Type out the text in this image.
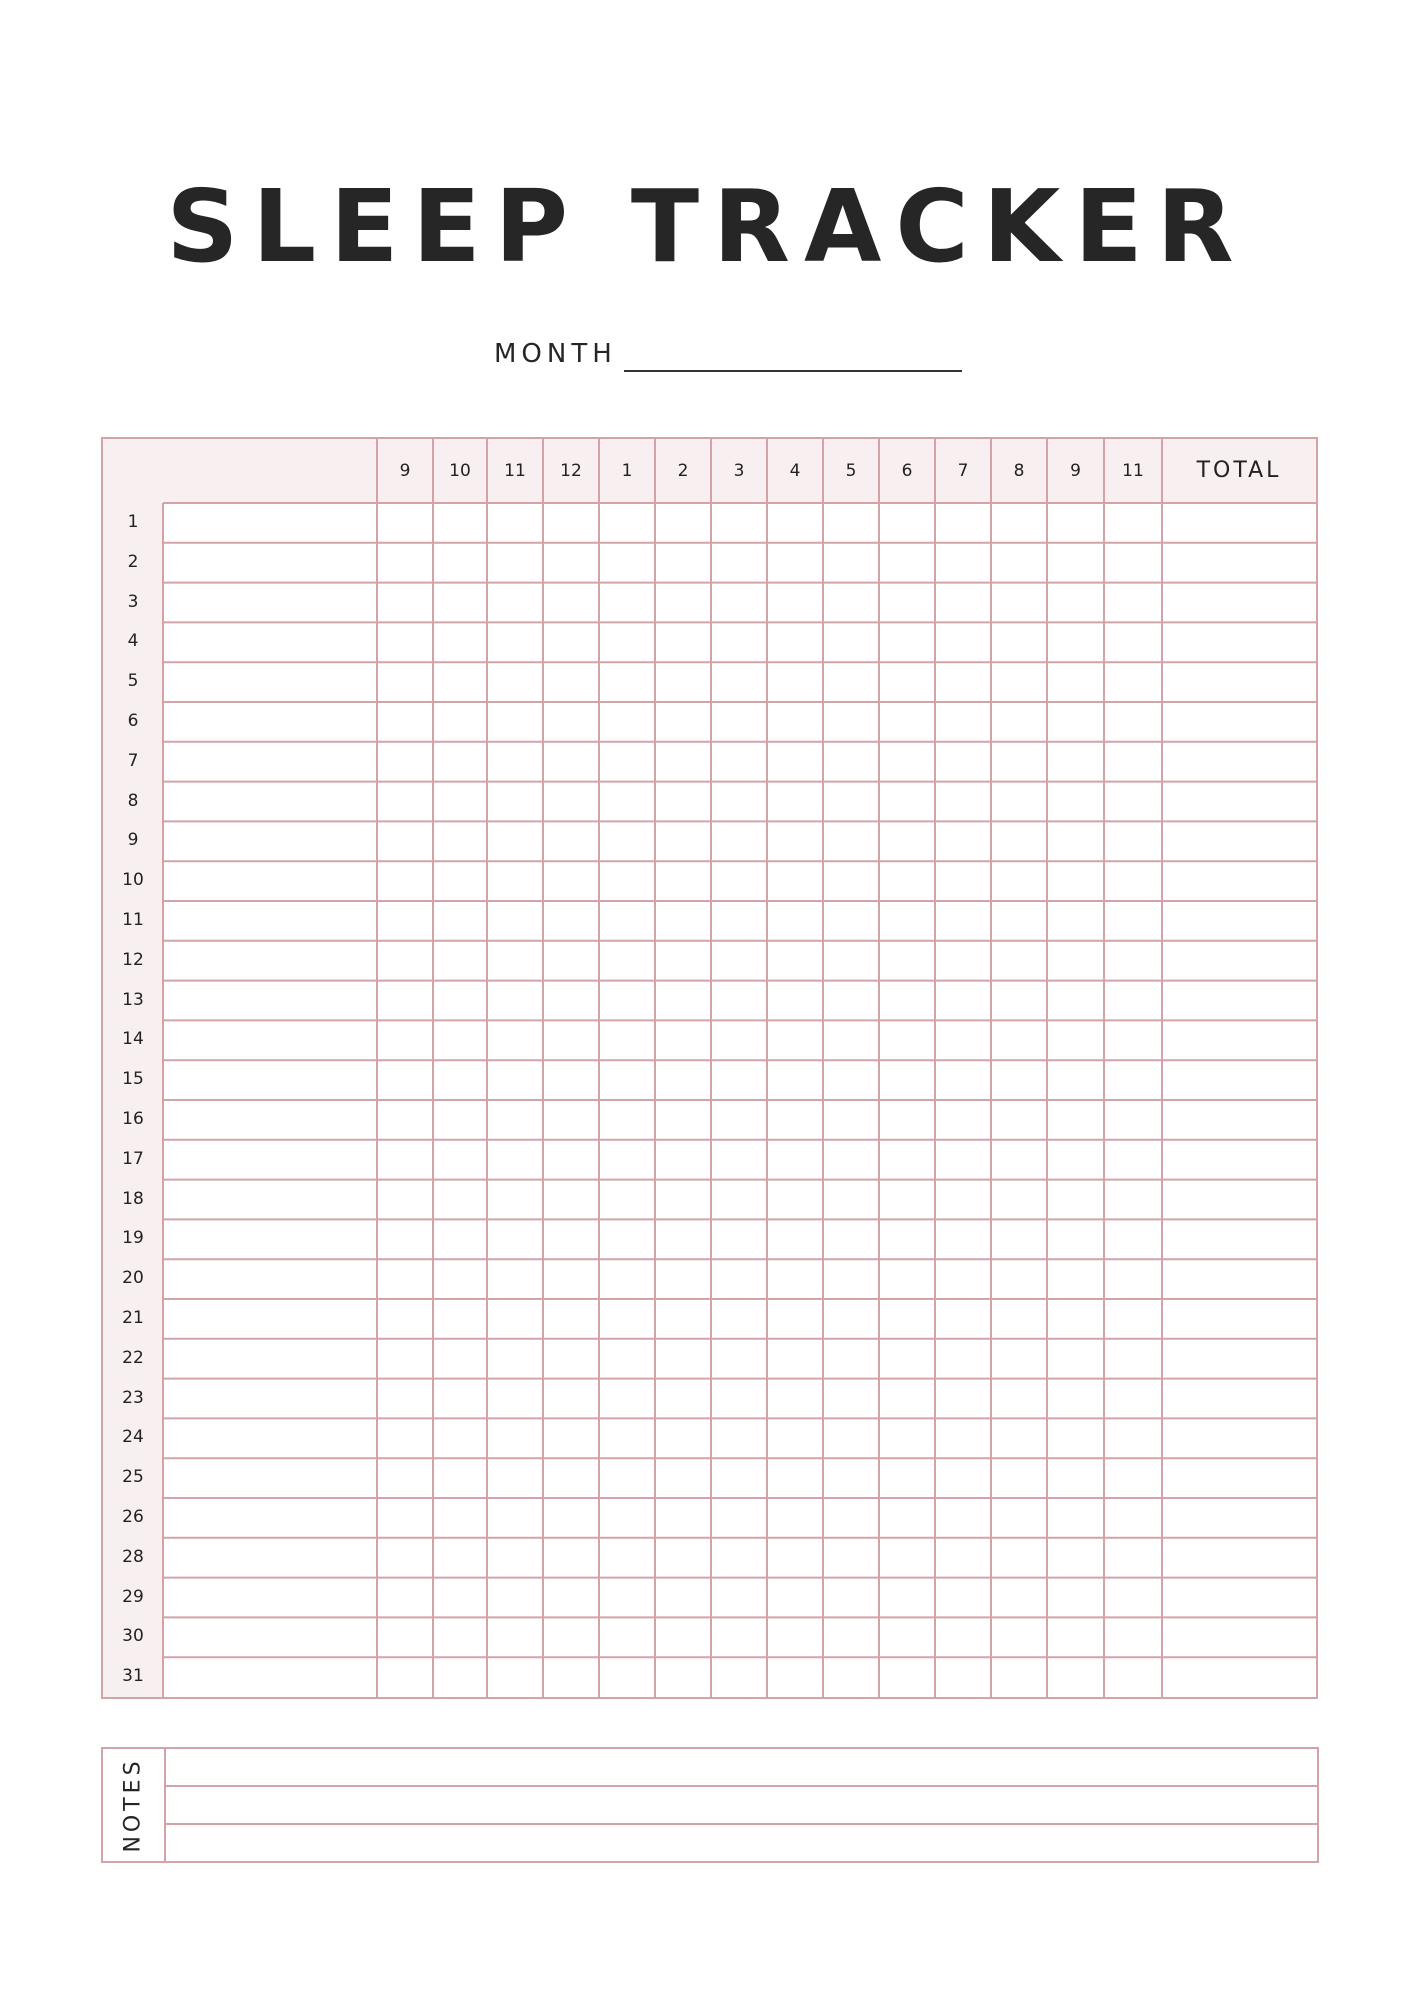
SLEEP TRACKER
MONTH
9	10	11	12	1	2	3	4	5	6	7	8	9	11	TOTAL
1
2
3
4
5
6
7
8
9
10
11
12
13
14
15
16
17
18
19
20
21
22
23
24
25
26
28
29
30
31
NOTES
